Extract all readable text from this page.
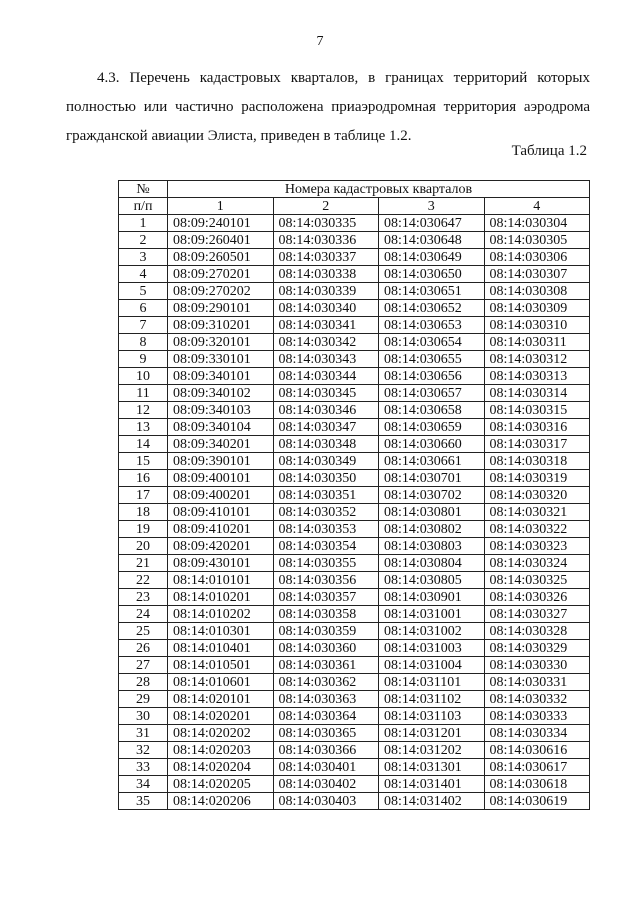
7

4.3. Перечень кадастровых кварталов, в границах территорий которых полностью или частично расположена приаэродромная территория аэродрома гражданской авиации Элиста, приведен в таблице 1.2.

Таблица 1.2
№	Номера кадастровых кварталов			
п/п	1	2	3	4
1	08:09:240101	08:14:030335	08:14:030647	08:14:030304
2	08:09:260401	08:14:030336	08:14:030648	08:14:030305
3	08:09:260501	08:14:030337	08:14:030649	08:14:030306
4	08:09:270201	08:14:030338	08:14:030650	08:14:030307
5	08:09:270202	08:14:030339	08:14:030651	08:14:030308
6	08:09:290101	08:14:030340	08:14:030652	08:14:030309
7	08:09:310201	08:14:030341	08:14:030653	08:14:030310
8	08:09:320101	08:14:030342	08:14:030654	08:14:030311
9	08:09:330101	08:14:030343	08:14:030655	08:14:030312
10	08:09:340101	08:14:030344	08:14:030656	08:14:030313
11	08:09:340102	08:14:030345	08:14:030657	08:14:030314
12	08:09:340103	08:14:030346	08:14:030658	08:14:030315
13	08:09:340104	08:14:030347	08:14:030659	08:14:030316
14	08:09:340201	08:14:030348	08:14:030660	08:14:030317
15	08:09:390101	08:14:030349	08:14:030661	08:14:030318
16	08:09:400101	08:14:030350	08:14:030701	08:14:030319
17	08:09:400201	08:14:030351	08:14:030702	08:14:030320
18	08:09:410101	08:14:030352	08:14:030801	08:14:030321
19	08:09:410201	08:14:030353	08:14:030802	08:14:030322
20	08:09:420201	08:14:030354	08:14:030803	08:14:030323
21	08:09:430101	08:14:030355	08:14:030804	08:14:030324
22	08:14:010101	08:14:030356	08:14:030805	08:14:030325
23	08:14:010201	08:14:030357	08:14:030901	08:14:030326
24	08:14:010202	08:14:030358	08:14:031001	08:14:030327
25	08:14:010301	08:14:030359	08:14:031002	08:14:030328
26	08:14:010401	08:14:030360	08:14:031003	08:14:030329
27	08:14:010501	08:14:030361	08:14:031004	08:14:030330
28	08:14:010601	08:14:030362	08:14:031101	08:14:030331
29	08:14:020101	08:14:030363	08:14:031102	08:14:030332
30	08:14:020201	08:14:030364	08:14:031103	08:14:030333
31	08:14:020202	08:14:030365	08:14:031201	08:14:030334
32	08:14:020203	08:14:030366	08:14:031202	08:14:030616
33	08:14:020204	08:14:030401	08:14:031301	08:14:030617
34	08:14:020205	08:14:030402	08:14:031401	08:14:030618
35	08:14:020206	08:14:030403	08:14:031402	08:14:030619
